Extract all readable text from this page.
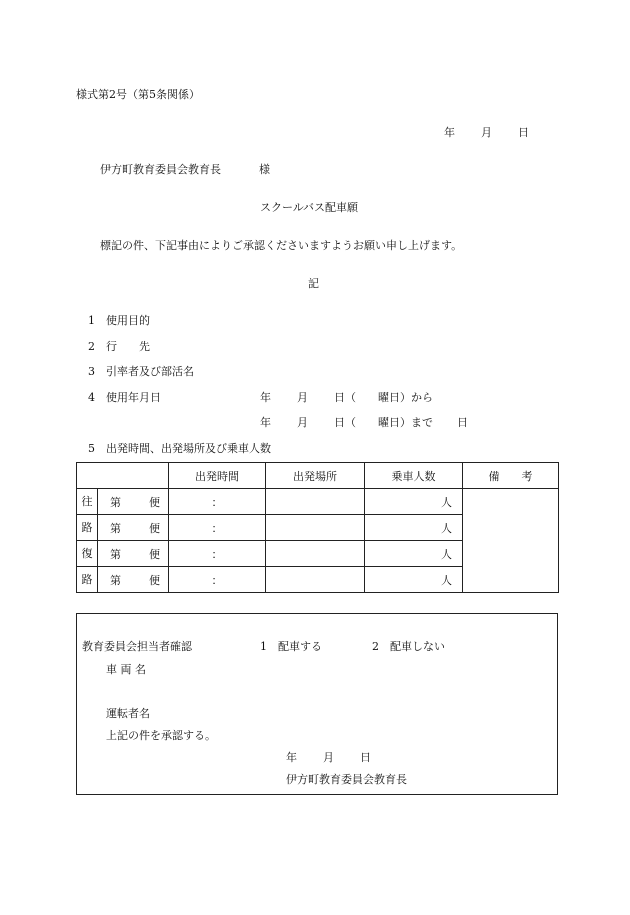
様式第2号（第5条関係）
年 月 日
伊方町教育委員会教育長	様
スクールバス配車願
標記の件、下記事由によりご承認くださいますようお願い申し上げます。
記
1　 使用目的
2　 行　　先
3　 引率者及び部活名
4　 使用年月日	年 月 日（ 曜日）から
年 月 日（ 曜日）まで 日
5　 出発時間、出発場所及び乗車人数
		出発時間	出発場所	乗車人数	備　　考
往	第 便	：		人	
路	第 便	：		人	
復	第 便	：		人	
路	第 便	：		人	
教育委員会担当者確認	1　配車する	2　配車しない
車 両 名
運転者名
上記の件を承認する。
年 月 日
伊方町教育委員会教育長
